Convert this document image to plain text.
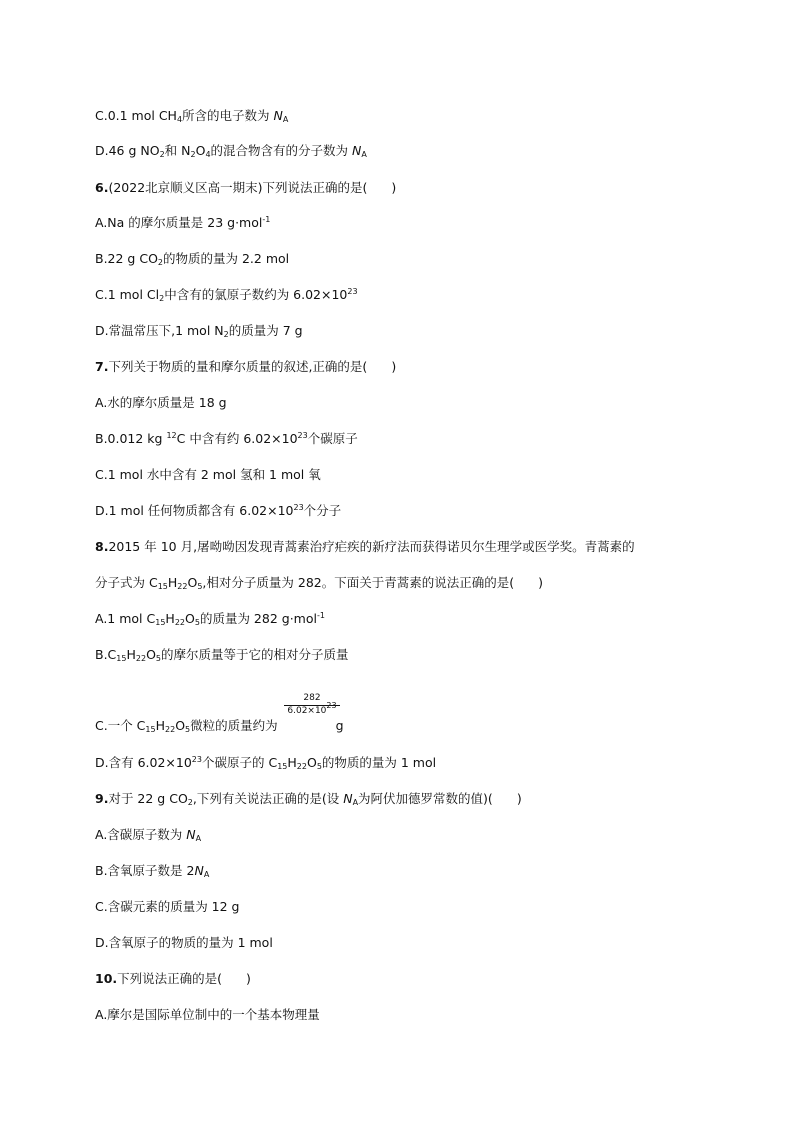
C.0.1 mol $CH_4$所含的电子数为 $N_A$
D.46 g $NO_2$和 $N_2O_4$的混合物含有的分子数为 $N_A$
6.(2022北京顺义区高一期末)下列说法正确的是( )
A.Na 的摩尔质量是 23 g·mol$^{-1}$
B.22 g $CO_2$的物质的量为 2.2 mol
C.1 mol $Cl_2$中含有的氯原子数约为 $6.02\times 10^{23}$
D.常温常压下,1 mol $N_2$的质量为 7 g
7.下列关于物质的量和摩尔质量的叙述,正确的是( )
A.水的摩尔质量是 18 g
B.0.012 kg $^{12}$C 中含有约 $6.02\times 10^{23}$个碳原子
C.1 mol 水中含有 2 mol 氢和 1 mol 氧
D.1 mol 任何物质都含有 $6.02\times 10^{23}$个分子
8.2015 年 10 月,屠呦呦因发现青蒿素治疗疟疾的新疗法而获得诺贝尔生理学或医学奖。青蒿素的
分子式为 $C_{15}H_{22}O_5$,相对分子质量为 282。下面关于青蒿素的说法正确的是( )
A.1 mol $C_{15}H_{22}O_5$的质量为 282 g·mol$^{-1}$
$B.C_{15}H_{22}O_5$的摩尔质量等于它的相对分子质量
$\frac{282}{6.02\times 10^{23}}$
C.一个 $C_{15}H_{22}O_5$微粒的质量约为	g
D.含有 $6.02\times 10^{23}$个碳原子的 $C_{15}H_{22}O_5$的物质的量为 1 mol
9.对于 22 g $CO_2$,下列有关说法正确的是(设 $N_A$为阿伏加德罗常数的值)( )
A.含碳原子数为 $N_A$
B.含氧原子数是 $2N_A$
C.含碳元素的质量为 12 g
D.含氧原子的物质的量为 1 mol
10.下列说法正确的是( )
A.摩尔是国际单位制中的一个基本物理量
